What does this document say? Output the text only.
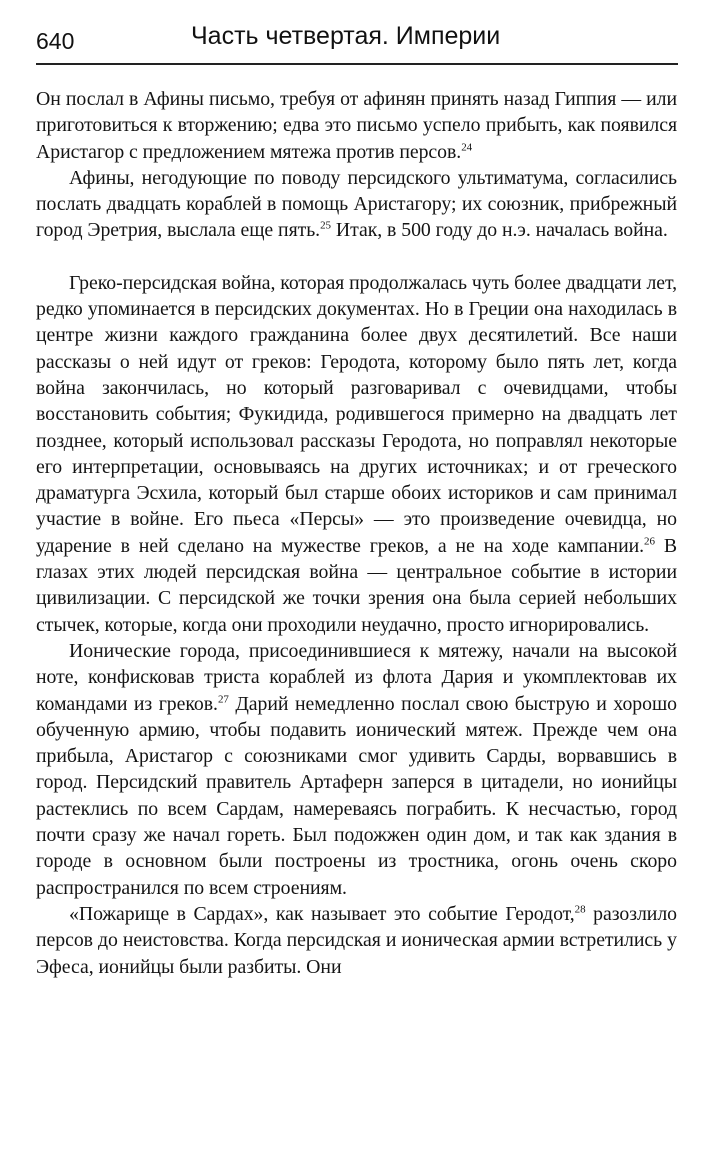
640	Часть четвертая. Империи

Он послал в Афины письмо, требуя от афинян принять назад Гиппия — или приготовиться к вторжению; едва это письмо успело прибыть, как появился Аристагор с предложением мятежа против персов.$^{24}$

Афины, негодующие по поводу персидского ультиматума, согласились послать двадцать кораблей в помощь Аристагору; их союзник, прибрежный город Эретрия, выслала еще пять.$^{25}$ Итак, в 500 году до н.э. началась война.

Греко-персидская война, которая продолжалась чуть более двадцати лет, редко упоминается в персидских документах. Но в Греции она находилась в центре жизни каждого гражданина более двух десятилетий. Все наши рассказы о ней идут от греков: Геродота, которому было пять лет, когда война закончилась, но который разговаривал с очевидцами, чтобы восстановить события; Фукидида, родившегося примерно на двадцать лет позднее, который использовал рассказы Геродота, но поправлял некоторые его интерпретации, основываясь на других источниках; и от греческого драматурга Эсхила, который был старше обоих историков и сам принимал участие в войне. Его пьеса «Персы» — это произведение очевидца, но ударение в ней сделано на мужестве греков, а не на ходе кампании.$^{26}$ В глазах этих людей персидская война — центральное событие в истории цивилизации. С персидской же точки зрения она была серией небольших стычек, которые, когда они проходили неудачно, просто игнорировались.

Ионические города, присоединившиеся к мятежу, начали на высокой ноте, конфисковав триста кораблей из флота Дария и укомплектовав их командами из греков.$^{27}$ Дарий немедленно послал свою быструю и хорошо обученную армию, чтобы подавить ионический мятеж. Прежде чем она прибыла, Аристагор с союзниками смог удивить Сарды, ворвавшись в город. Персидский правитель Артаферн заперся в цитадели, но ионийцы растеклись по всем Сардам, намереваясь пограбить. К несчастью, город почти сразу же начал гореть. Был подожжен один дом, и так как здания в городе в основном были построены из тростника, огонь очень скоро распространился по всем строениям.

«Пожарище в Сардах», как называет это событие Геродот,$^{28}$ разозлило персов до неистовства. Когда персидская и ионическая армии встретились у Эфеса, ионийцы были разбиты. Они
